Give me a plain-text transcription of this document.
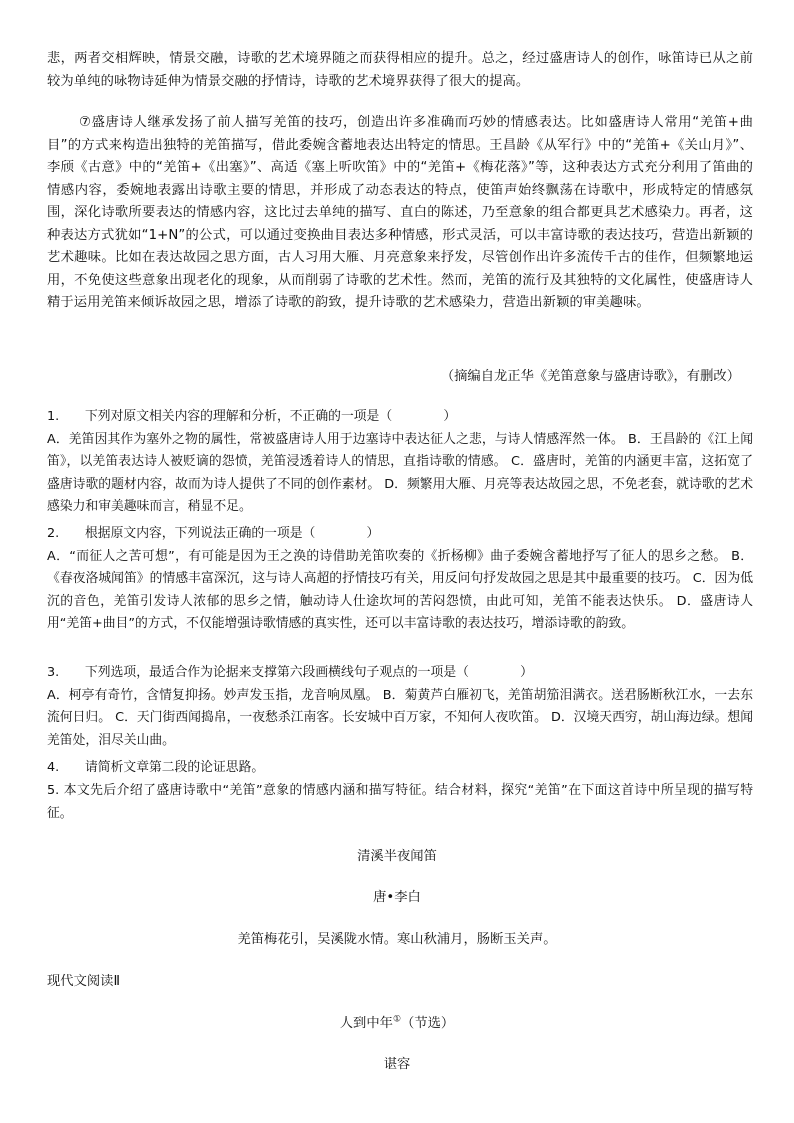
悲，两者交相辉映，情景交融，诗歌的艺术境界随之而获得相应的提升。总之，经过盛唐诗人的创作，咏笛诗已从之前较为单纯的咏物诗延伸为情景交融的抒情诗，诗歌的艺术境界获得了很大的提高。
⑦盛唐诗人继承发扬了前人描写羌笛的技巧，创造出许多准确而巧妙的情感表达。比如盛唐诗人常用“羌笛+曲目”的方式来构造出独特的羌笛描写，借此委婉含蓄地表达出特定的情思。王昌龄《从军行》中的“羌笛+《关山月》”、李颀《古意》中的“羌笛+《出塞》”、高适《塞上听吹笛》中的“羌笛+《梅花落》”等，这种表达方式充分利用了笛曲的情感内容，委婉地表露出诗歌主要的情思，并形成了动态表达的特点，使笛声始终飘荡在诗歌中，形成特定的情感氛围，深化诗歌所要表达的情感内容，这比过去单纯的描写、直白的陈述，乃至意象的组合都更具艺术感染力。再者，这种表达方式犹如“1+N”的公式，可以通过变换曲目表达多种情感，形式灵活，可以丰富诗歌的表达技巧，营造出新颖的艺术趣味。比如在表达故园之思方面，古人习用大雁、月亮意象来抒发，尽管创作出许多流传千古的佳作，但频繁地运用，不免使这些意象出现老化的现象，从而削弱了诗歌的艺术性。然而，羌笛的流行及其独特的文化属性，使盛唐诗人精于运用羌笛来倾诉故园之思，增添了诗歌的韵致，提升诗歌的艺术感染力，营造出新颖的审美趣味。
（摘编自龙正华《羌笛意象与盛唐诗歌》，有删改）
1. 下列对原文相关内容的理解和分析，不正确的一项是（　　　　）
A．羌笛因其作为塞外之物的属性，常被盛唐诗人用于边塞诗中表达征人之悲，与诗人情感浑然一体。 B．王昌龄的《江上闻笛》，以羌笛表达诗人被贬谪的怨愤，羌笛浸透着诗人的情思，直指诗歌的情感。 C．盛唐时，羌笛的内涵更丰富，这拓宽了盛唐诗歌的题材内容，故而为诗人提供了不同的创作素材。 D．频繁用大雁、月亮等表达故园之思，不免老套，就诗歌的艺术感染力和审美趣味而言，稍显不足。
2. 根据原文内容，下列说法正确的一项是（　　　　）
A．“而征人之苦可想”，有可能是因为王之涣的诗借助羌笛吹奏的《折杨柳》曲子委婉含蓄地抒写了征人的思乡之愁。 B．《春夜洛城闻笛》的情感丰富深沉，这与诗人高超的抒情技巧有关，用反问句抒发故园之思是其中最重要的技巧。 C．因为低沉的音色，羌笛引发诗人浓郁的思乡之情，触动诗人仕途坎坷的苦闷怨愤，由此可知，羌笛不能表达快乐。 D．盛唐诗人用“羌笛+曲目”的方式，不仅能增强诗歌情感的真实性，还可以丰富诗歌的表达技巧，增添诗歌的韵致。
3. 下列选项，最适合作为论据来支撑第六段画横线句子观点的一项是（　　　　）
A．柯亭有奇竹，含情复抑扬。妙声发玉指，龙音响凤凰。 B．菊黄芦白雁初飞，羌笛胡笳泪满衣。送君肠断秋江水，一去东流何日归。 C．天门街西闻捣帛，一夜愁杀江南客。长安城中百万家，不知何人夜吹笛。 D．汉境天西穷，胡山海边绿。想闻羌笛处，泪尽关山曲。
4. 请简析文章第二段的论证思路。
5. 本文先后介绍了盛唐诗歌中“羌笛”意象的情感内涵和描写特征。结合材料，探究“羌笛”在下面这首诗中所呈现的描写特征。
清溪半夜闻笛
唐•李白
羌笛梅花引，吴溪陇水情。寒山秋浦月，肠断玉关声。
现代文阅读Ⅱ
人到中年①（节选）
谌容
